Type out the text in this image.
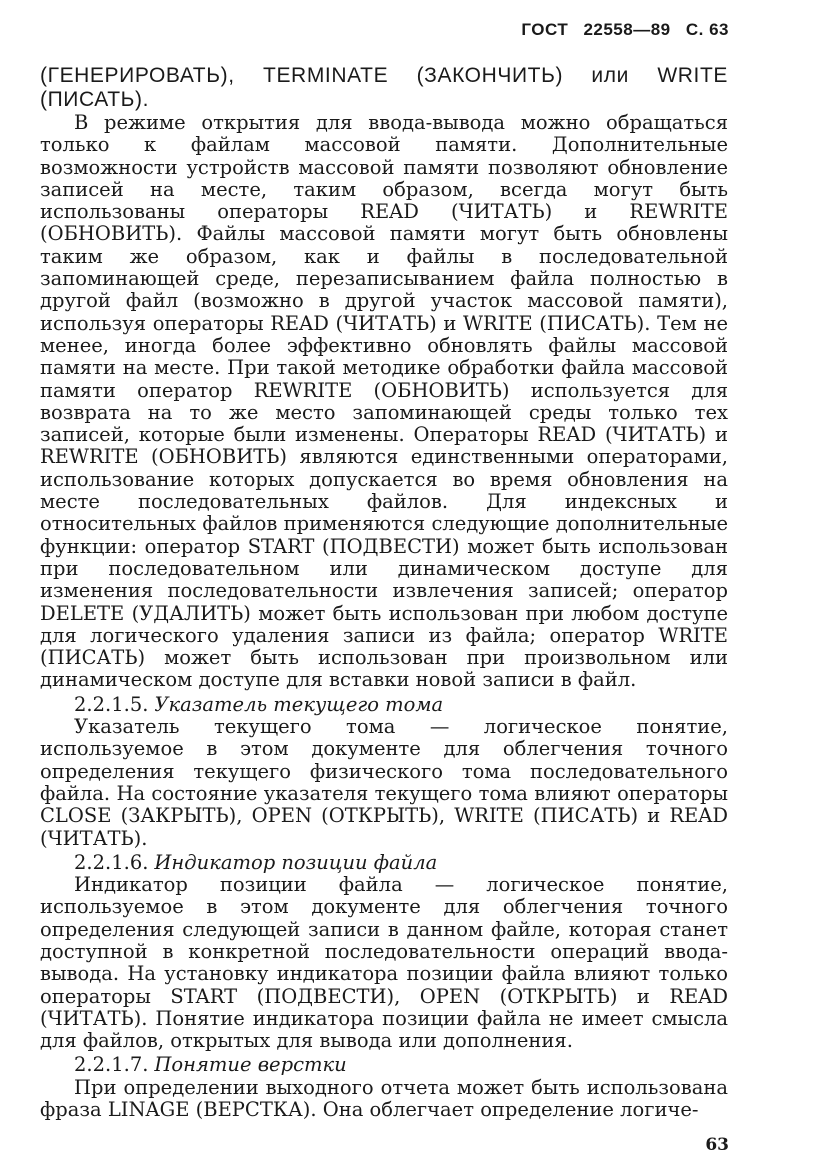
ГОСТ 22558—89 С. 63

(ГЕНЕРИРОВАТЬ), TERMINATE (ЗАКОНЧИТЬ) или WRITE (ПИСАТЬ).

В режиме открытия для ввода-вывода можно обращаться только к файлам массовой памяти. Дополнительные возможности устройств массовой памяти позволяют обновление записей на месте, таким образом, всегда могут быть использованы операторы READ (ЧИТАТЬ) и REWRITE (ОБНОВИТЬ). Файлы массовой памяти могут быть обновлены таким же образом, как и файлы в последовательной запоминающей среде, перезаписыванием файла полностью в другой файл (возможно в другой участок массовой памяти), используя операторы READ (ЧИТАТЬ) и WRITE (ПИСАТЬ). Тем не менее, иногда более эффективно обновлять файлы массовой памяти на месте. При такой методике обработки файла массовой памяти оператор REWRITE (ОБНОВИТЬ) используется для возврата на то же место запоминающей среды только тех записей, которые были изменены. Операторы READ (ЧИТАТЬ) и REWRITE (ОБНОВИТЬ) являются единственными операторами, использование которых допускается во время обновления на месте последовательных файлов. Для индексных и относительных файлов применяются следующие дополнительные функции: оператор START (ПОДВЕСТИ) может быть использован при последовательном или динамическом доступе для изменения последовательности извлечения записей; оператор DELETE (УДАЛИТЬ) может быть использован при любом доступе для логического удаления записи из файла; оператор WRITE (ПИСАТЬ) может быть использован при произвольном или динамическом доступе для вставки новой записи в файл.

2.2.1.5. Указатель текущего тома

Указатель текущего тома — логическое понятие, используемое в этом документе для облегчения точного определения текущего физического тома последовательного файла. На состояние указателя текущего тома влияют операторы CLOSE (ЗАКРЫТЬ), OPEN (ОТКРЫТЬ), WRITE (ПИСАТЬ) и READ (ЧИТАТЬ).

2.2.1.6. Индикатор позиции файла

Индикатор позиции файла — логическое понятие, используемое в этом документе для облегчения точного определения следующей записи в данном файле, которая станет доступной в конкретной последовательности операций ввода-вывода. На установку индикатора позиции файла влияют только операторы START (ПОДВЕСТИ), OPEN (ОТКРЫТЬ) и READ (ЧИТАТЬ). Понятие индикатора позиции файла не имеет смысла для файлов, открытых для вывода или дополнения.

2.2.1.7. Понятие верстки

При определении выходного отчета может быть использована фраза LINAGE (ВЕРСТКА). Она облегчает определение логиче-

63
